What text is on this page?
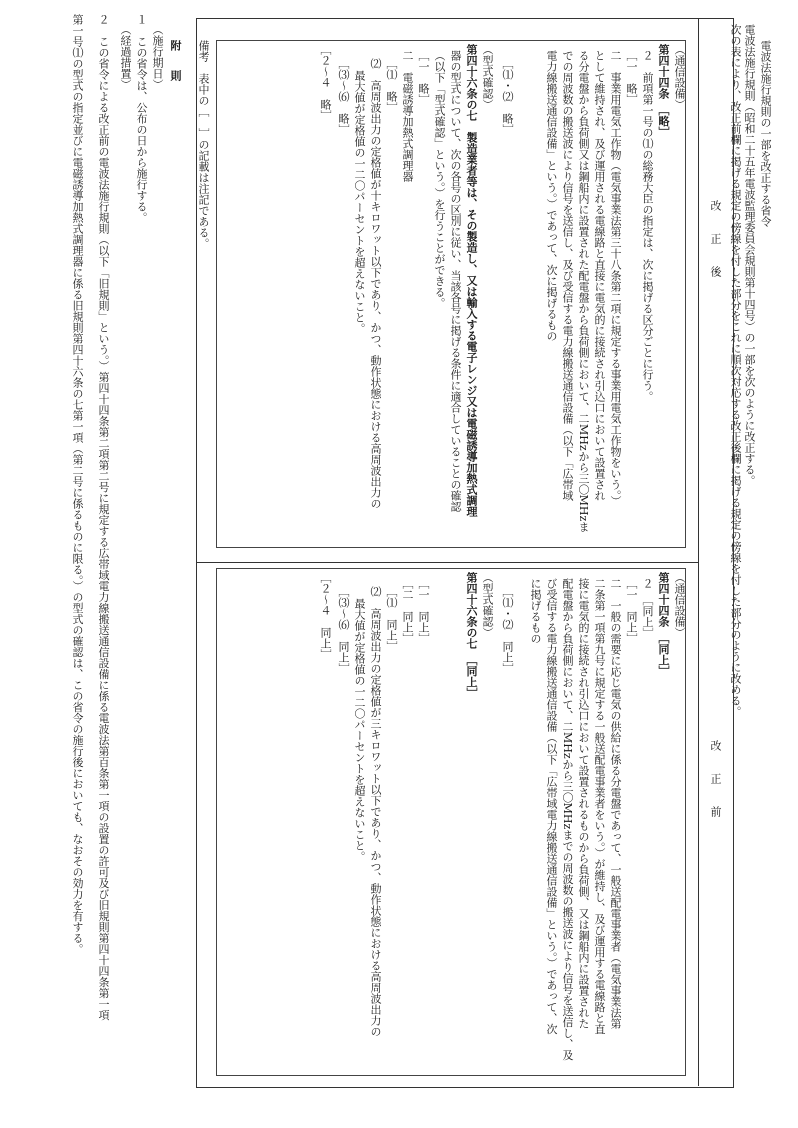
電波法施行規則の一部を改正する省令
電波法施行規則（昭和二十五年電波監理委員会規則第十四号）の一部を次のように改正する。
次の表により、改正前欄に掲げる規定の傍線を付した部分をこれに順次対応する改正後欄に掲げる規定の傍線を付した部分のように改める。
改正後
改正前
（通信設備）
第四十四条　［略］
２　前項第一号の⑴の総務大臣の指定は、次に掲げる区分ごとに行う。
［一　略］
二　事業用電気工作物（電気事業法第三十八条第二項に規定する事業用電気工作物をいう。）
として維持され、及び運用される電線路と直接に電気的に接続され引込口において設置され
る分電盤から負荷側又は鋼船内に設置された配電盤から負荷側において、二MHzから三〇MHzま
での周波数の搬送波により信号を送信し、及び受信する電力線搬送通信設備（以下「広帯域
電力線搬送通信設備」という。）であって、次に掲げるもの
［⑴・⑵　略］
（型式確認）
第四十六条の七　製造業者等は、その製造し、又は輸入する電子レンジ又は電磁誘導加熱式調理
器の型式について、次の各号の区別に従い、当該各号に掲げる条件に適合していることの確認
（以下「型式確認」という。）を行うことができる。
［一　略］
二　電磁誘導加熱式調理器
［⑴　略］
⑵　高周波出力の定格値が十キロワット以下であり、かつ、動作状態における高周波出力の
最大値が定格値の一二〇パーセントを超えないこと。
［⑶〜⑹　略］
［２〜４　略］
（通信設備）
第四十四条　［同上］
２　［同上］
［一　同上］
二　一般の需要に応じ電気の供給に係る分電盤であって、一般送配電事業者（電気事業法第
二条第一項第九号に規定する一般送配電事業者をいう。）が維持し、及び運用する電線路と直
接に電気的に接続され引込口において設置されるものから負荷側、又は鋼船内に設置された
配電盤から負荷側において、二MHzから三〇MHzまでの周波数の搬送波により信号を送信し、及
び受信する電力線搬送通信設備（以下「広帯域電力線搬送通信設備」という。）であって、次
に掲げるもの
［⑴・⑵　同上］
（型式確認）
第四十六条の七　［同上］
［一　同上］
［二　同上］
［⑴　同上］
⑵　高周波出力の定格値が三キロワット以下であり、かつ、動作状態における高周波出力の
最大値が定格値の一二〇パーセントを超えないこと。
［⑶〜⑹　同上］
［２〜４　同上］
備考　表中の［　］の記載は注記である。
附　則
（施行期日）
１　この省令は、公布の日から施行する。
（経過措置）
２　この省令による改正前の電波法施行規則（以下「旧規則」という。）第四十四条第二項第二号に規定する広帯域電力線搬送通信設備に係る電波法第百条第一項の設置の許可及び旧規則第四十四条第一項
第一号⑴の型式の指定並びに電磁誘導加熱式調理器に係る旧規則第四十六条の七第一項（第二号に係るものに限る。）の型式の確認は、この省令の施行後においても、なおその効力を有する。
